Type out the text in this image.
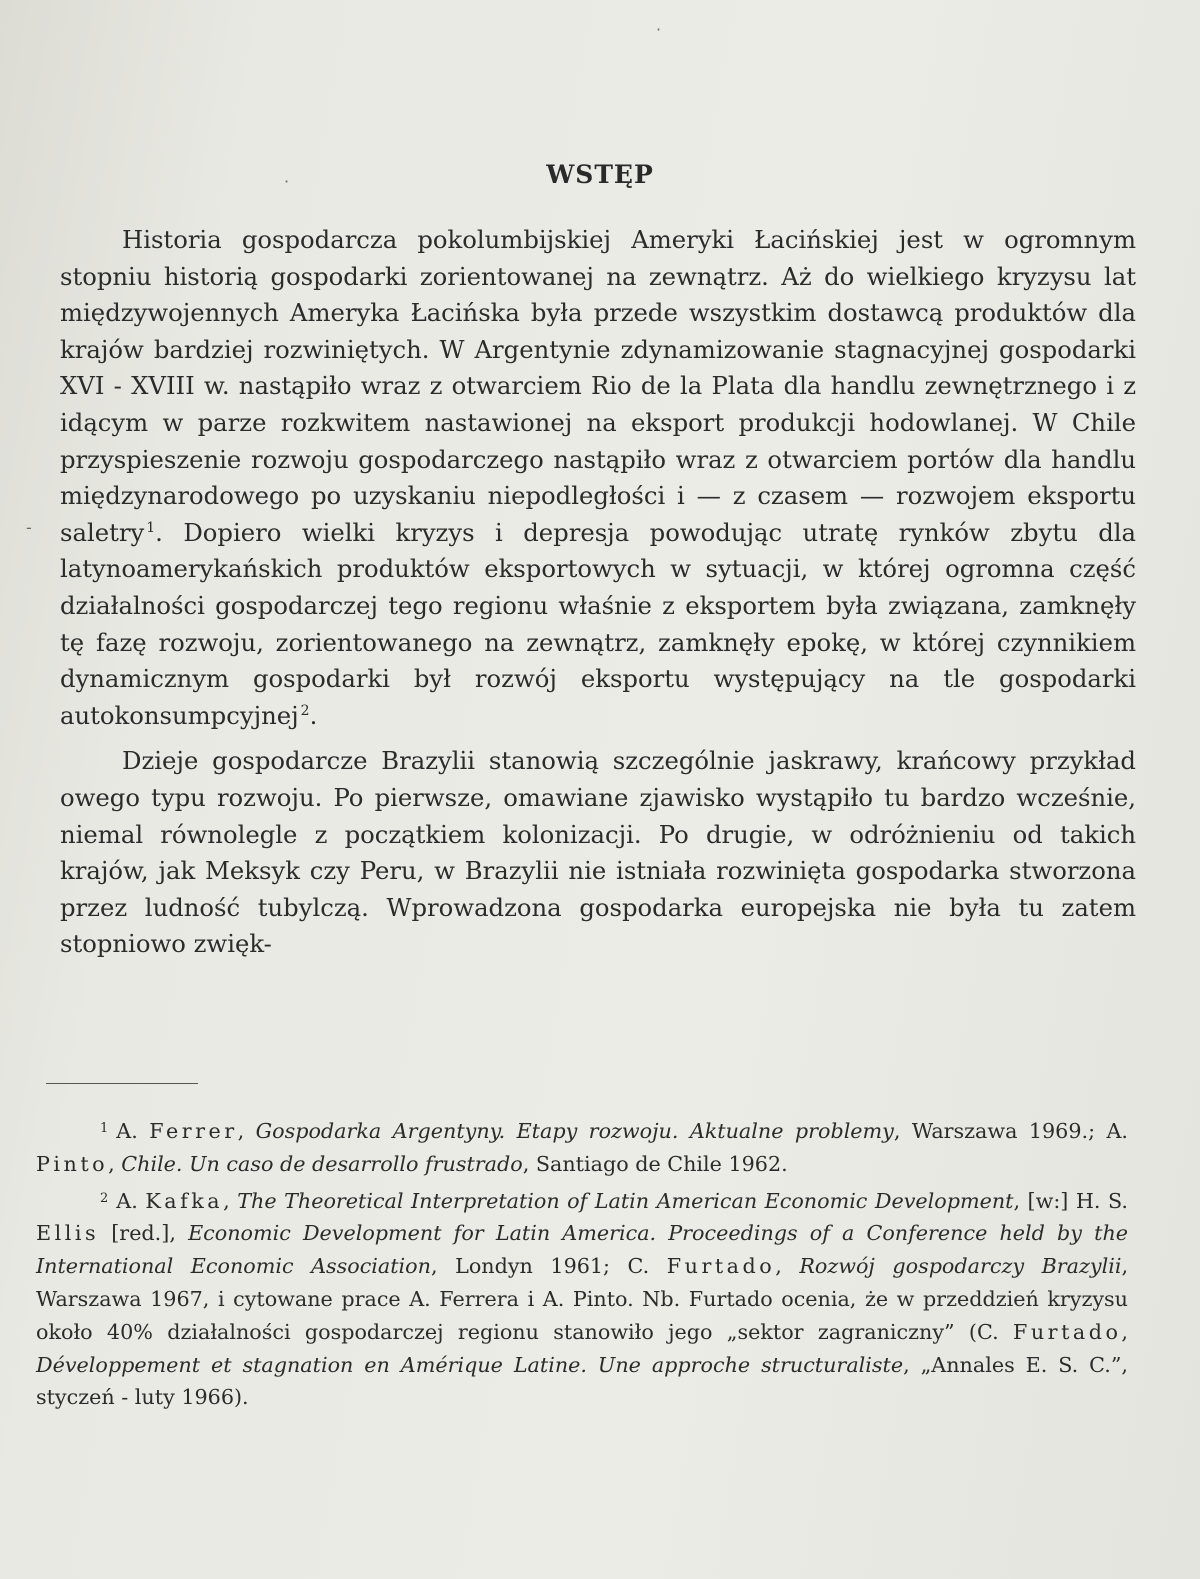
·
·
-
WSTĘP

Historia gospodarcza pokolumbijskiej Ameryki Łacińskiej jest w ogromnym stopniu historią gospodarki zorientowanej na zewnątrz. Aż do wielkiego kryzysu lat międzywojennych Ameryka Łacińska była przede wszystkim dostawcą produktów dla krajów bardziej rozwiniętych. W Argentynie zdynamizowanie stagnacyjnej gospodarki XVI - XVIII w. nastąpiło wraz z otwarciem Rio de la Plata dla handlu zewnętrznego i z idącym w parze rozkwitem nastawionej na eksport produkcji hodowlanej. W Chile przyspieszenie rozwoju gospodarczego nastąpiło wraz z otwarciem portów dla handlu międzynarodowego po uzyskaniu niepodległości i — z czasem — rozwojem eksportu saletry $^1$. Dopiero wielki kryzys i depresja powodując utratę rynków zbytu dla latynoamerykańskich produktów eksportowych w sytuacji, w której ogromna część działalności gospodarczej tego regionu właśnie z eksportem była związana, zamknęły tę fazę rozwoju, zorientowanego na zewnątrz, zamknęły epokę, w której czynnikiem dynamicznym gospodarki był rozwój eksportu występujący na tle gospodarki autokonsumpcyjnej $^2$.

Dzieje gospodarcze Brazylii stanowią szczególnie jaskrawy, krańcowy przykład owego typu rozwoju. Po pierwsze, omawiane zjawisko wystąpiło tu bardzo wcześnie, niemal równolegle z początkiem kolonizacji. Po drugie, w odróżnieniu od takich krajów, jak Meksyk czy Peru, w Brazylii nie istniała rozwinięta gospodarka stworzona przez ludność tubylczą. Wprowadzona gospodarka europejska nie była tu zatem stopniowo zwięk-

$^1$ A. Ferrer, Gospodarka Argentyny. Etapy rozwoju. Aktualne problemy, Warszawa 1969.; A. Pinto, Chile. Un caso de desarrollo frustrado, Santiago de Chile 1962.

$^2$ A. Kafka, The Theoretical Interpretation of Latin American Economic Development, [w:] H. S. Ellis [red.], Economic Development for Latin America. Proceedings of a Conference held by the International Economic Association, Londyn 1961; C. Furtado, Rozwój gospodarczy Brazylii, Warszawa 1967, i cytowane prace A. Ferrera i A. Pinto. Nb. Furtado ocenia, że w przeddzień kryzysu około 40% działalności gospodarczej regionu stanowiło jego „sektor zagraniczny” (C. Furtado, Développement et stagnation en Amérique Latine. Une approche structuraliste, „Annales E. S. C.”, styczeń - luty 1966).
